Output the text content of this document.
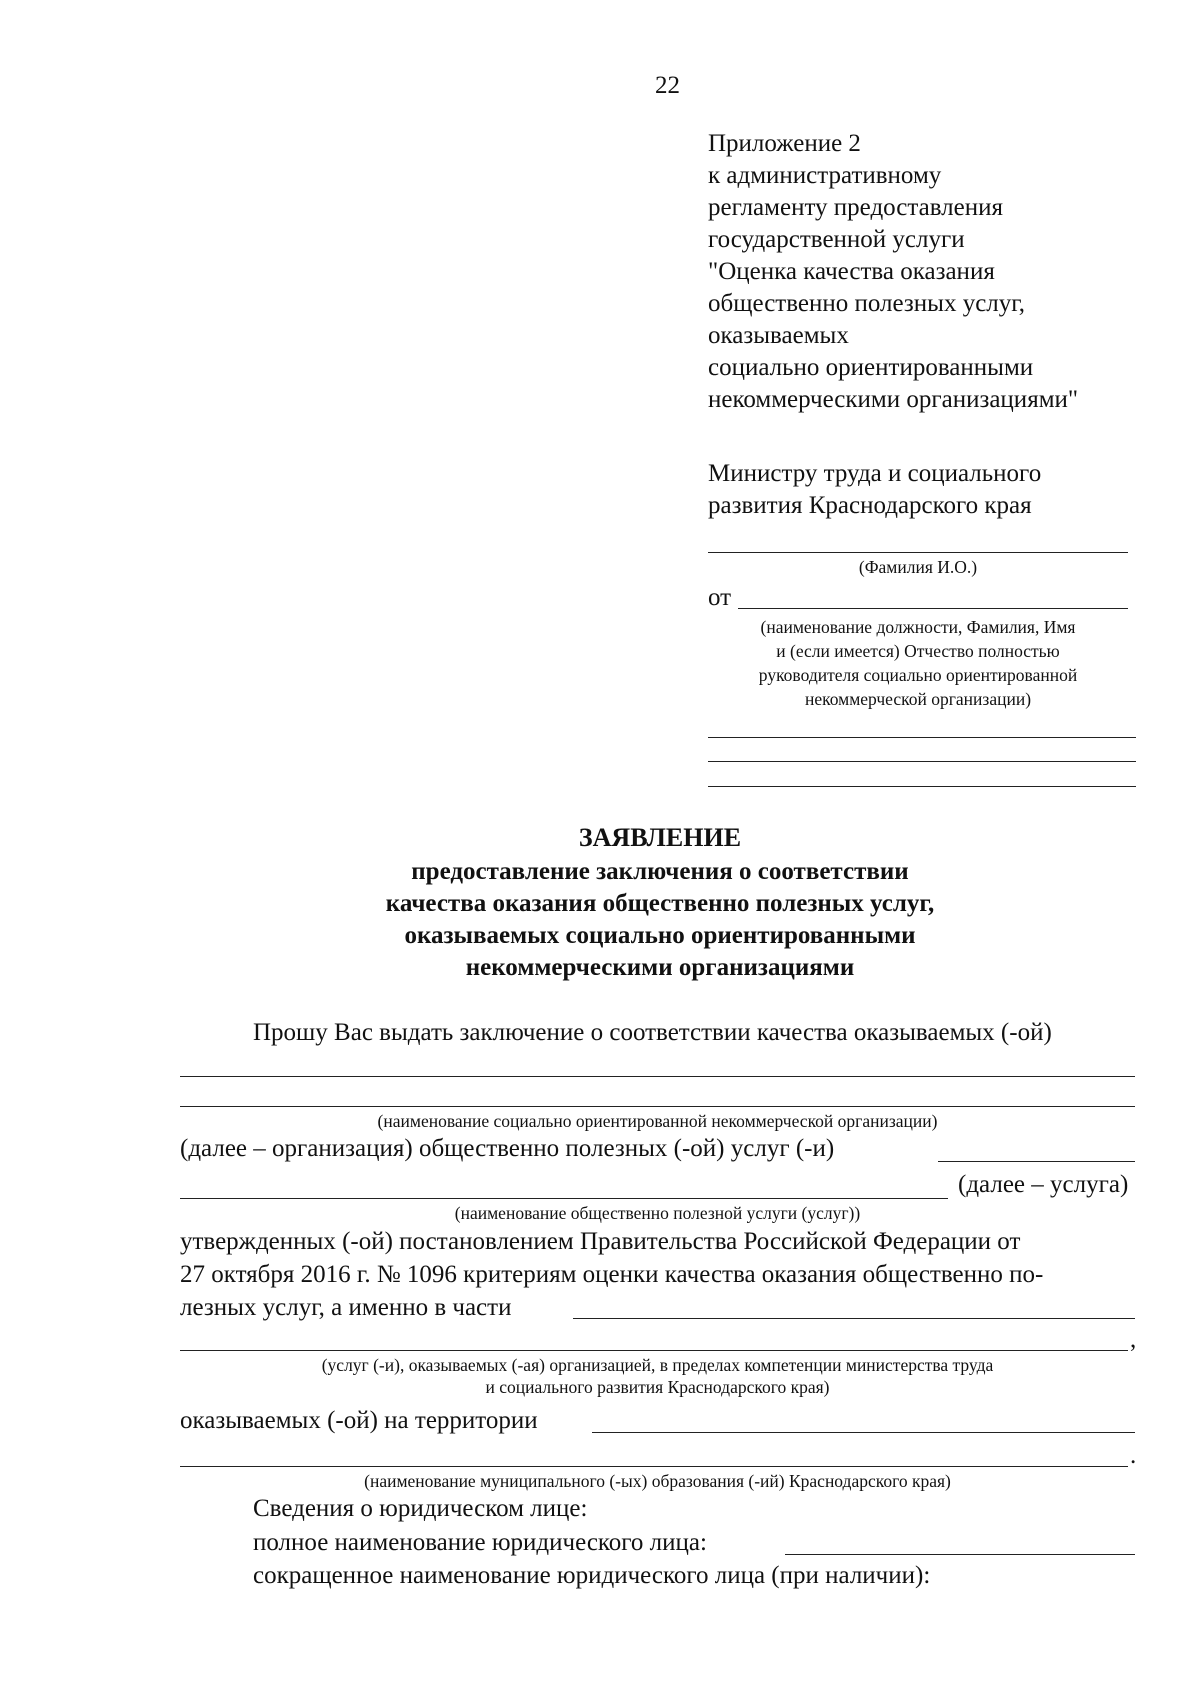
22
Приложение 2
к административному
регламенту предоставления
государственной услуги
"Оценка качества оказания
общественно полезных услуг,
оказываемых
социально ориентированными
некоммерческими организациями"
Министру труда и социального
развития Краснодарского края
(Фамилия И.О.)
от
(наименование должности, Фамилия, Имя
и (если имеется) Отчество полностью
руководителя социально ориентированной
некоммерческой организации)
ЗАЯВЛЕНИЕ
предоставление заключения о соответствии
качества оказания общественно полезных услуг,
оказываемых социально ориентированными
некоммерческими организациями
Прошу Вас выдать заключение о соответствии качества оказываемых (-ой)
(наименование социально ориентированной некоммерческой организации)
(далее – организация) общественно полезных (-ой) услуг (-и)
(далее – услуга)
(наименование общественно полезной услуги (услуг))
утвержденных (-ой) постановлением Правительства Российской Федерации от
27 октября 2016 г. № 1096 критериям оценки качества оказания общественно по-
лезных услуг, а именно в части
,
(услуг (-и), оказываемых (-ая) организацией, в пределах компетенции министерства труда
и социального развития Краснодарского края)
оказываемых (-ой) на территории
.
(наименование муниципального (-ых) образования (-ий) Краснодарского края)
Сведения о юридическом лице:
полное наименование юридического лица:
сокращенное наименование юридического лица (при наличии):
